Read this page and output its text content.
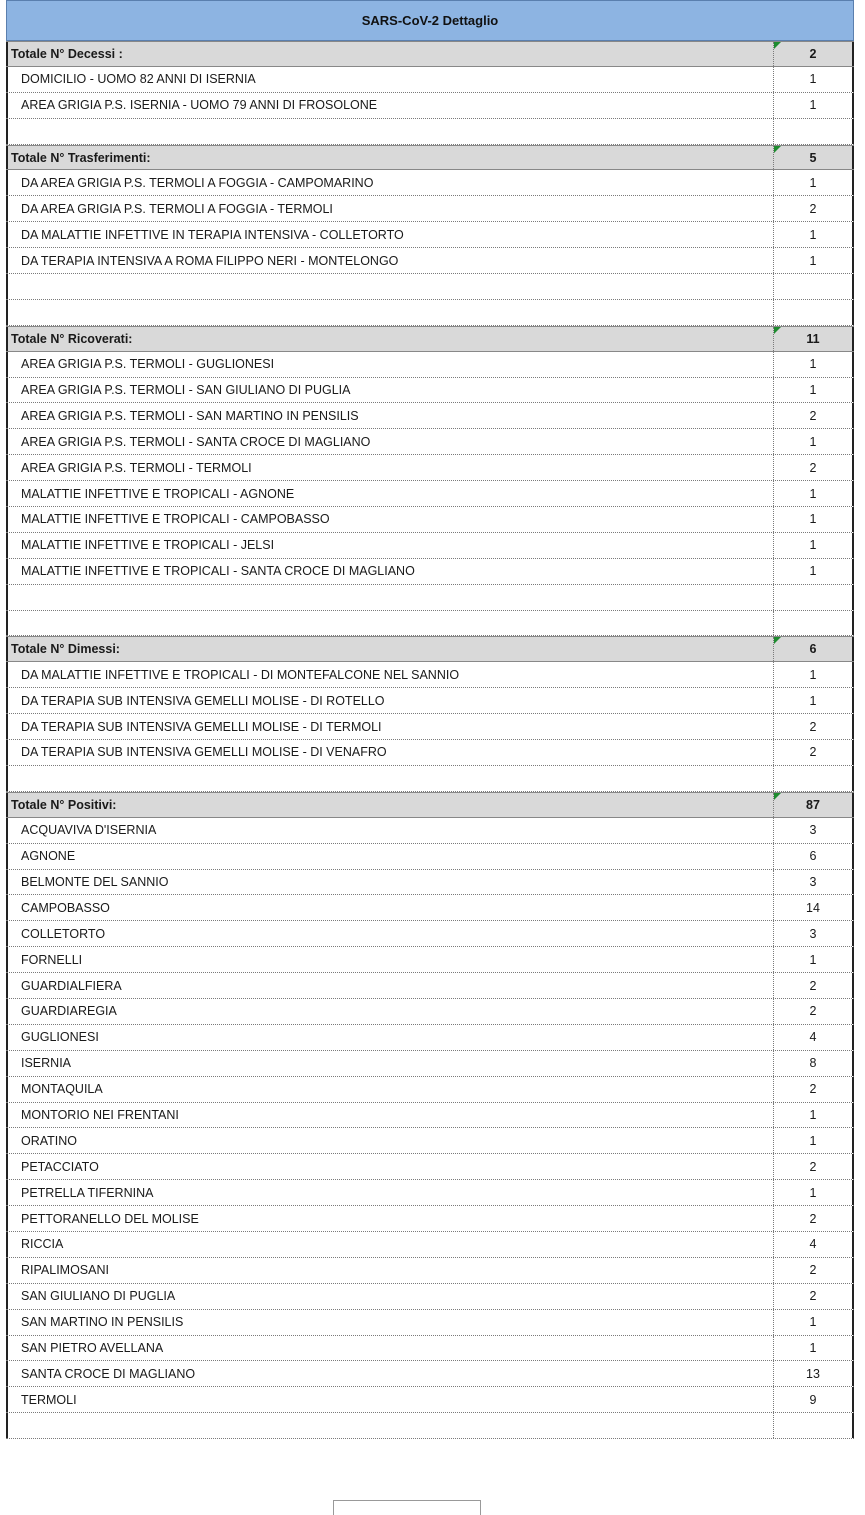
SARS-CoV-2 Dettaglio
Totale N° Decessi :	2
DOMICILIO - UOMO 82 ANNI DI ISERNIA	1
AREA GRIGIA P.S. ISERNIA - UOMO 79 ANNI DI FROSOLONE	1
Totale N° Trasferimenti:	5
DA AREA GRIGIA P.S. TERMOLI A FOGGIA - CAMPOMARINO	1
DA AREA GRIGIA P.S. TERMOLI A FOGGIA - TERMOLI	2
DA MALATTIE INFETTIVE IN TERAPIA INTENSIVA - COLLETORTO	1
DA TERAPIA INTENSIVA A ROMA FILIPPO NERI - MONTELONGO	1
Totale N° Ricoverati:	11
AREA GRIGIA P.S. TERMOLI - GUGLIONESI	1
AREA GRIGIA P.S. TERMOLI - SAN GIULIANO DI PUGLIA	1
AREA GRIGIA P.S. TERMOLI - SAN MARTINO IN PENSILIS	2
AREA GRIGIA P.S. TERMOLI - SANTA CROCE DI MAGLIANO	1
AREA GRIGIA P.S. TERMOLI - TERMOLI	2
MALATTIE INFETTIVE E TROPICALI - AGNONE	1
MALATTIE INFETTIVE E TROPICALI - CAMPOBASSO	1
MALATTIE INFETTIVE E TROPICALI - JELSI	1
MALATTIE INFETTIVE E TROPICALI - SANTA CROCE DI MAGLIANO	1
Totale N° Dimessi:	6
DA MALATTIE INFETTIVE E TROPICALI - DI MONTEFALCONE NEL SANNIO	1
DA TERAPIA SUB INTENSIVA GEMELLI MOLISE - DI ROTELLO	1
DA TERAPIA SUB INTENSIVA GEMELLI MOLISE - DI TERMOLI	2
DA TERAPIA SUB INTENSIVA GEMELLI MOLISE - DI VENAFRO	2
Totale N° Positivi:	87
ACQUAVIVA D'ISERNIA	3
AGNONE	6
BELMONTE DEL SANNIO	3
CAMPOBASSO	14
COLLETORTO	3
FORNELLI	1
GUARDIALFIERA	2
GUARDIAREGIA	2
GUGLIONESI	4
ISERNIA	8
MONTAQUILA	2
MONTORIO NEI FRENTANI	1
ORATINO	1
PETACCIATO	2
PETRELLA TIFERNINA	1
PETTORANELLO DEL MOLISE	2
RICCIA	4
RIPALIMOSANI	2
SAN GIULIANO DI PUGLIA	2
SAN MARTINO IN PENSILIS	1
SAN PIETRO AVELLANA	1
SANTA CROCE DI MAGLIANO	13
TERMOLI	9
